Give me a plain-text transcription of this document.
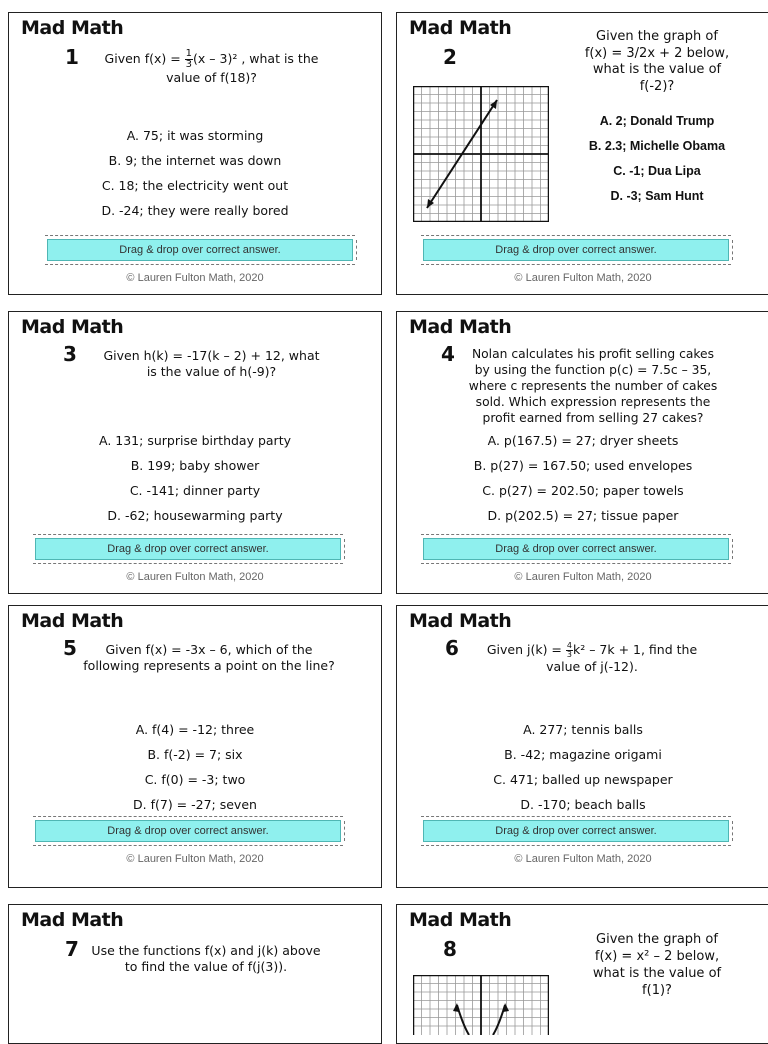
Mad Math
1	Given $f(x) = \frac{1}{3} (x - 3)^2$ , what is the
value of f(18)?
A. 75; it was storming
B. 9; the internet was down
C. 18; the electricity went out
D. -24; they were really bored
Drag & drop over correct answer.
© Lauren Fulton Math, 2020
Mad Math
2
Given the graph of
f(x) = 3/2x + 2 below,
what is the value of
f(-2)?
A. 2; Donald Trump
B. 2.3; Michelle Obama
C. -1; Dua Lipa
D. -3; Sam Hunt
Drag & drop over correct answer.
© Lauren Fulton Math, 2020
Mad Math
3	Given h(k) = -17(k – 2) + 12, what
is the value of h(-9)?
A. 131; surprise birthday party
B. 199; baby shower
C. -141; dinner party
D. -62; housewarming party
Drag & drop over correct answer.
© Lauren Fulton Math, 2020
Mad Math
4	Nolan calculates his profit selling cakes
by using the function p(c) = 7.5c – 35,
where c represents the number of cakes
sold. Which expression represents the
profit earned from selling 27 cakes?
A. p(167.5) = 27; dryer sheets
B. p(27) = 167.50; used envelopes
C. p(27) = 202.50; paper towels
D. p(202.5) = 27; tissue paper
Drag & drop over correct answer.
© Lauren Fulton Math, 2020
Mad Math
5	Given f(x) = -3x – 6, which of the
following represents a point on the line?
A. f(4) = -12; three
B. f(-2) = 7; six
C. f(0) = -3; two
D. f(7) = -27; seven
Drag & drop over correct answer.
© Lauren Fulton Math, 2020
Mad Math
6	Given $j(k) = \frac{4}{3} k^2 - 7k + 1$, find the
value of j(-12).
A. 277; tennis balls
B. -42; magazine origami
C. 471; balled up newspaper
D. -170; beach balls
Drag & drop over correct answer.
© Lauren Fulton Math, 2020
Mad Math
7	Use the functions f(x) and j(k) above
to find the value of f(j(3)).
Mad Math
8	Given the graph of
f(x) = x² – 2 below,
what is the value of
f(1)?
